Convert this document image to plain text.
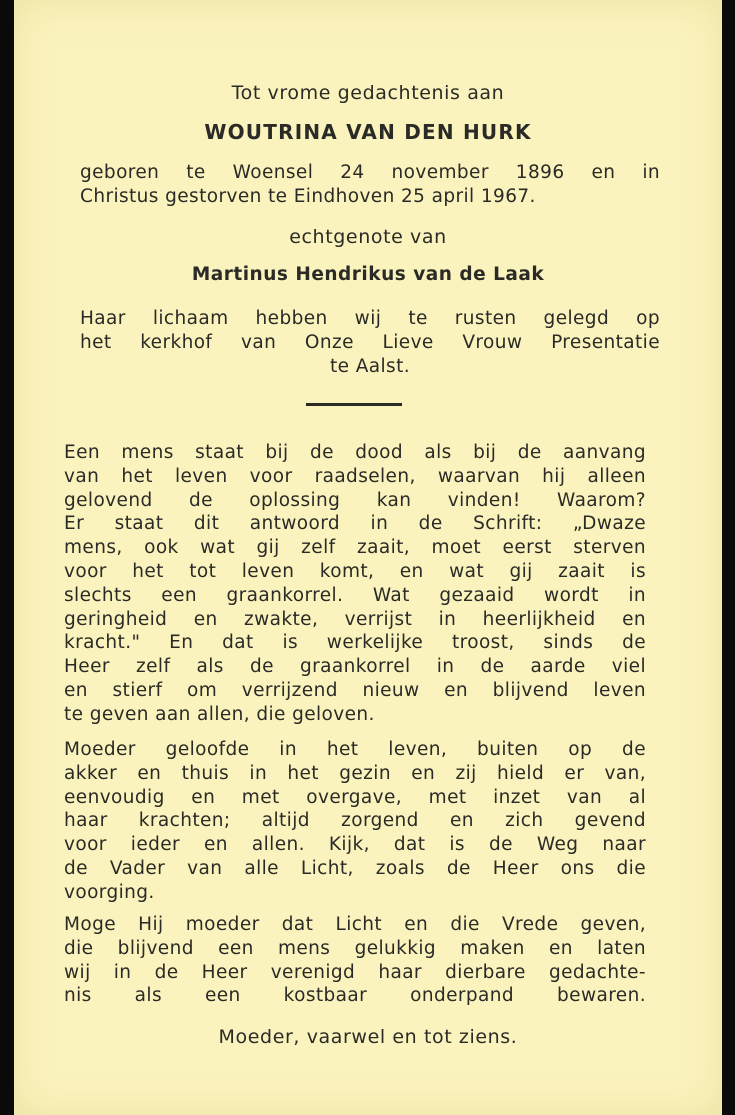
Tot vrome gedachtenis aan
WOUTRINA VAN DEN HURK
geboren te Woensel 24 november 1896 en in
Christus gestorven te Eindhoven 25 april 1967.
echtgenote van
Martinus Hendrikus van de Laak
Haar lichaam hebben wij te rusten gelegd op
het kerkhof van Onze Lieve Vrouw Presentatie
te Aalst.
Een mens staat bij de dood als bij de aanvang
van het leven voor raadselen, waarvan hij alleen
gelovend de oplossing kan vinden! Waarom?
Er staat dit antwoord in de Schrift: „Dwaze
mens, ook wat gij zelf zaait, moet eerst sterven
voor het tot leven komt, en wat gij zaait is
slechts een graankorrel. Wat gezaaid wordt in
geringheid en zwakte, verrijst in heerlijkheid en
kracht." En dat is werkelijke troost, sinds de
Heer zelf als de graankorrel in de aarde viel
en stierf om verrijzend nieuw en blijvend leven
te geven aan allen, die geloven.
Moeder geloofde in het leven, buiten op de
akker en thuis in het gezin en zij hield er van,
eenvoudig en met overgave, met inzet van al
haar krachten; altijd zorgend en zich gevend
voor ieder en allen. Kijk, dat is de Weg naar
de Vader van alle Licht, zoals de Heer ons die
voorging.
Moge Hij moeder dat Licht en die Vrede geven,
die blijvend een mens gelukkig maken en laten
wij in de Heer verenigd haar dierbare gedachte-
nis als een kostbaar onderpand bewaren.
Moeder, vaarwel en tot ziens.
